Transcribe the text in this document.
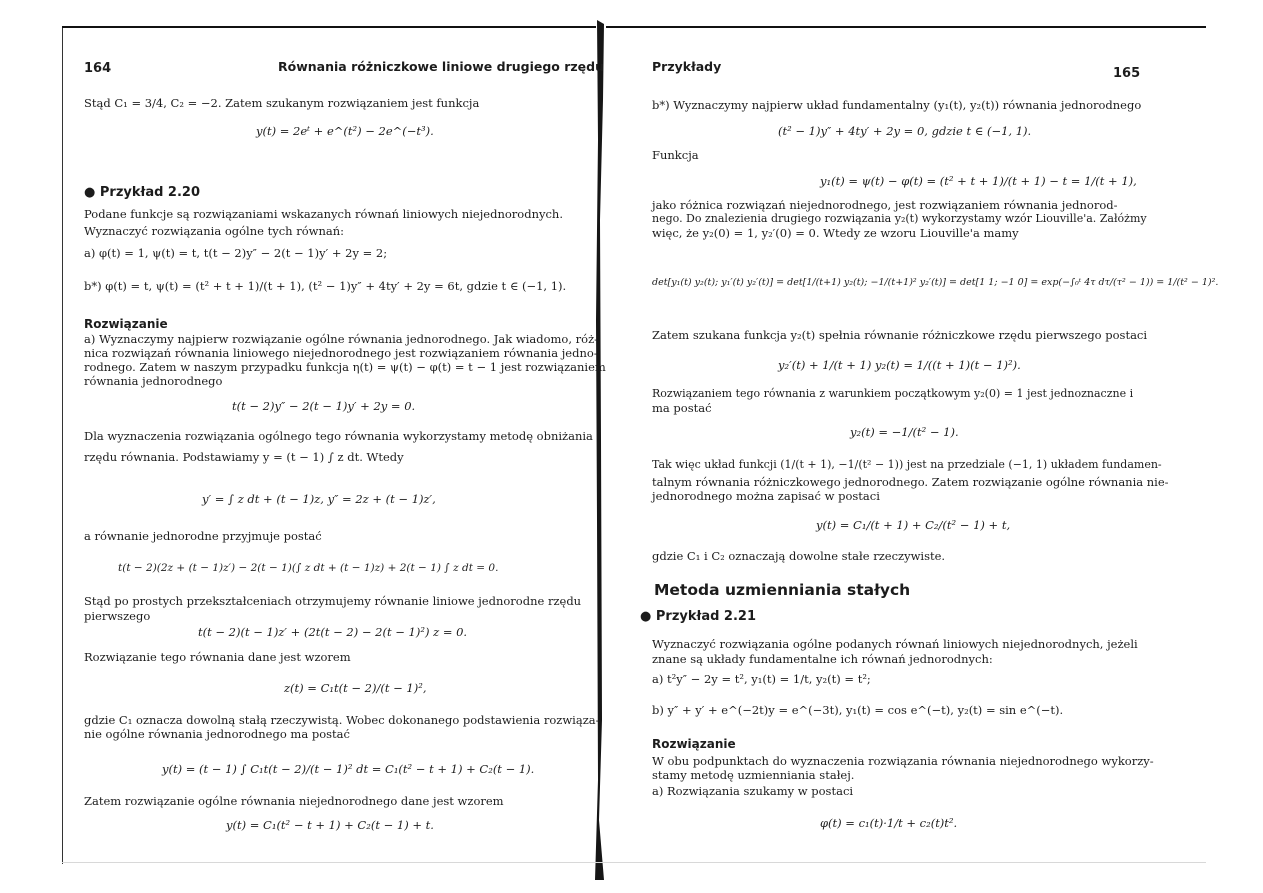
164	Równania różniczkowe liniowe drugiego rzędu
Stąd C₁ = 3/4, C₂ = −2. Zatem szukanym rozwiązaniem jest funkcja
y(t) = 2eᵗ + e^(t²) − 2e^(−t³).
● Przykład 2.20
Podane funkcje są rozwiązaniami wskazanych równań liniowych niejednorodnych.
Wyznaczyć rozwiązania ogólne tych równań:
a) φ(t) = 1, ψ(t) = t, t(t − 2)y″ − 2(t − 1)y′ + 2y = 2;
b*) φ(t) = t, ψ(t) = (t² + t + 1)/(t + 1), (t² − 1)y″ + 4ty′ + 2y = 6t, gdzie t ∈ (−1, 1).
Rozwiązanie
a) Wyznaczymy najpierw rozwiązanie ogólne równania jednorodnego. Jak wiadomo, róż-
nica rozwiązań równania liniowego niejednorodnego jest rozwiązaniem równania jedno-
rodnego. Zatem w naszym przypadku funkcja η(t) = ψ(t) − φ(t) = t − 1 jest rozwiązaniem
równania jednorodnego
t(t − 2)y″ − 2(t − 1)y′ + 2y = 0.
Dla wyznaczenia rozwiązania ogólnego tego równania wykorzystamy metodę obniżania
rzędu równania. Podstawiamy y = (t − 1) ∫ z dt. Wtedy
y′ = ∫ z dt + (t − 1)z, y″ = 2z + (t − 1)z′,
a równanie jednorodne przyjmuje postać
t(t − 2)(2z + (t − 1)z′) − 2(t − 1)(∫ z dt + (t − 1)z) + 2(t − 1) ∫ z dt = 0.
Stąd po prostych przekształceniach otrzymujemy równanie liniowe jednorodne rzędu
pierwszego
t(t − 2)(t − 1)z′ + (2t(t − 2) − 2(t − 1)²) z = 0.
Rozwiązanie tego równania dane jest wzorem
z(t) = C₁t(t − 2)/(t − 1)²,
gdzie C₁ oznacza dowolną stałą rzeczywistą. Wobec dokonanego podstawienia rozwiąza-
nie ogólne równania jednorodnego ma postać
y(t) = (t − 1) ∫ C₁t(t − 2)/(t − 1)² dt = C₁(t² − t + 1) + C₂(t − 1).
Zatem rozwiązanie ogólne równania niejednorodnego dane jest wzorem
y(t) = C₁(t² − t + 1) + C₂(t − 1) + t.
Przykłady	165
b*) Wyznaczymy najpierw układ fundamentalny (y₁(t), y₂(t)) równania jednorodnego
(t² − 1)y″ + 4ty′ + 2y = 0, gdzie t ∈ (−1, 1).
Funkcja
y₁(t) = ψ(t) − φ(t) = (t² + t + 1)/(t + 1) − t = 1/(t + 1),
jako różnica rozwiązań niejednorodnego, jest rozwiązaniem równania jednorod-
nego. Do znalezienia drugiego rozwiązania y₂(t) wykorzystamy wzór Liouville'a. Załóżmy
więc, że y₂(0) = 1, y₂′(0) = 0. Wtedy ze wzoru Liouville'a mamy
det[y₁(t) y₂(t); y₁′(t) y₂′(t)] = det[1/(t+1) y₂(t); −1/(t+1)² y₂′(t)] = det[1 1; −1 0] = exp(−∫₀ᵗ 4τ dτ/(τ² − 1)) = 1/(t² − 1)².
Zatem szukana funkcja y₂(t) spełnia równanie różniczkowe rzędu pierwszego postaci
y₂′(t) + 1/(t + 1) y₂(t) = 1/((t + 1)(t − 1)²).
Rozwiązaniem tego równania z warunkiem początkowym y₂(0) = 1 jest jednoznaczne i
ma postać
y₂(t) = −1/(t² − 1).
Tak więc układ funkcji (1/(t + 1), −1/(t² − 1)) jest na przedziale (−1, 1) układem fundamen-
talnym równania różniczkowego jednorodnego. Zatem rozwiązanie ogólne równania nie-
jednorodnego można zapisać w postaci
y(t) = C₁/(t + 1) + C₂/(t² − 1) + t,
gdzie C₁ i C₂ oznaczają dowolne stałe rzeczywiste.
Metoda uzmienniania stałych
● Przykład 2.21
Wyznaczyć rozwiązania ogólne podanych równań liniowych niejednorodnych, jeżeli
znane są układy fundamentalne ich równań jednorodnych:
a) t²y″ − 2y = t², y₁(t) = 1/t, y₂(t) = t²;
b) y″ + y′ + e^(−2t)y = e^(−3t), y₁(t) = cos e^(−t), y₂(t) = sin e^(−t).
Rozwiązanie
W obu podpunktach do wyznaczenia rozwiązania równania niejednorodnego wykorzy-
stamy metodę uzmienniania stałej.
a) Rozwiązania szukamy w postaci
φ(t) = c₁(t)·1/t + c₂(t)t².
